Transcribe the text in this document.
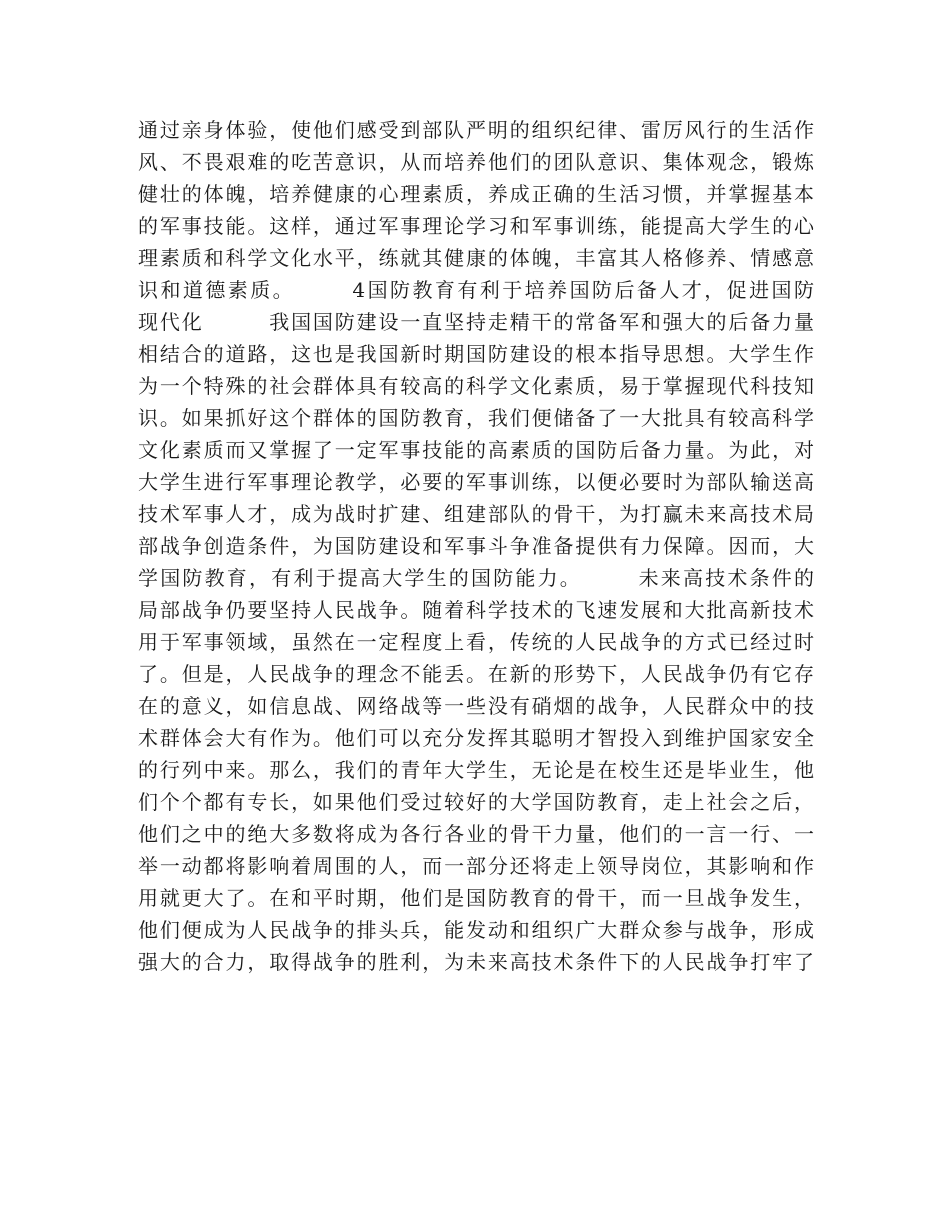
通过亲身体验，使他们感受到部队严明的组织纪律、雷厉风行的生活作
风、不畏艰难的吃苦意识，从而培养他们的团队意识、集体观念，锻炼
健壮的体魄，培养健康的心理素质，养成正确的生活习惯，并掌握基本
的军事技能。这样，通过军事理论学习和军事训练，能提高大学生的心
理素质和科学文化水平，练就其健康的体魄，丰富其人格修养、情感意
识和道德素质。　　　4国防教育有利于培养国防后备人才，促进国防
现代化　　　我国国防建设一直坚持走精干的常备军和强大的后备力量
相结合的道路，这也是我国新时期国防建设的根本指导思想。大学生作
为一个特殊的社会群体具有较高的科学文化素质，易于掌握现代科技知
识。如果抓好这个群体的国防教育，我们便储备了一大批具有较高科学
文化素质而又掌握了一定军事技能的高素质的国防后备力量。为此，对
大学生进行军事理论教学，必要的军事训练，以便必要时为部队输送高
技术军事人才，成为战时扩建、组建部队的骨干，为打赢未来高技术局
部战争创造条件，为国防建设和军事斗争准备提供有力保障。因而，大
学国防教育，有利于提高大学生的国防能力。　　　未来高技术条件的
局部战争仍要坚持人民战争。随着科学技术的飞速发展和大批高新技术
用于军事领域，虽然在一定程度上看，传统的人民战争的方式已经过时
了。但是，人民战争的理念不能丢。在新的形势下，人民战争仍有它存
在的意义，如信息战、网络战等一些没有硝烟的战争，人民群众中的技
术群体会大有作为。他们可以充分发挥其聪明才智投入到维护国家安全
的行列中来。那么，我们的青年大学生，无论是在校生还是毕业生，他
们个个都有专长，如果他们受过较好的大学国防教育，走上社会之后，
他们之中的绝大多数将成为各行各业的骨干力量，他们的一言一行、一
举一动都将影响着周围的人，而一部分还将走上领导岗位，其影响和作
用就更大了。在和平时期，他们是国防教育的骨干，而一旦战争发生，
他们便成为人民战争的排头兵，能发动和组织广大群众参与战争，形成
强大的合力，取得战争的胜利，为未来高技术条件下的人民战争打牢了
